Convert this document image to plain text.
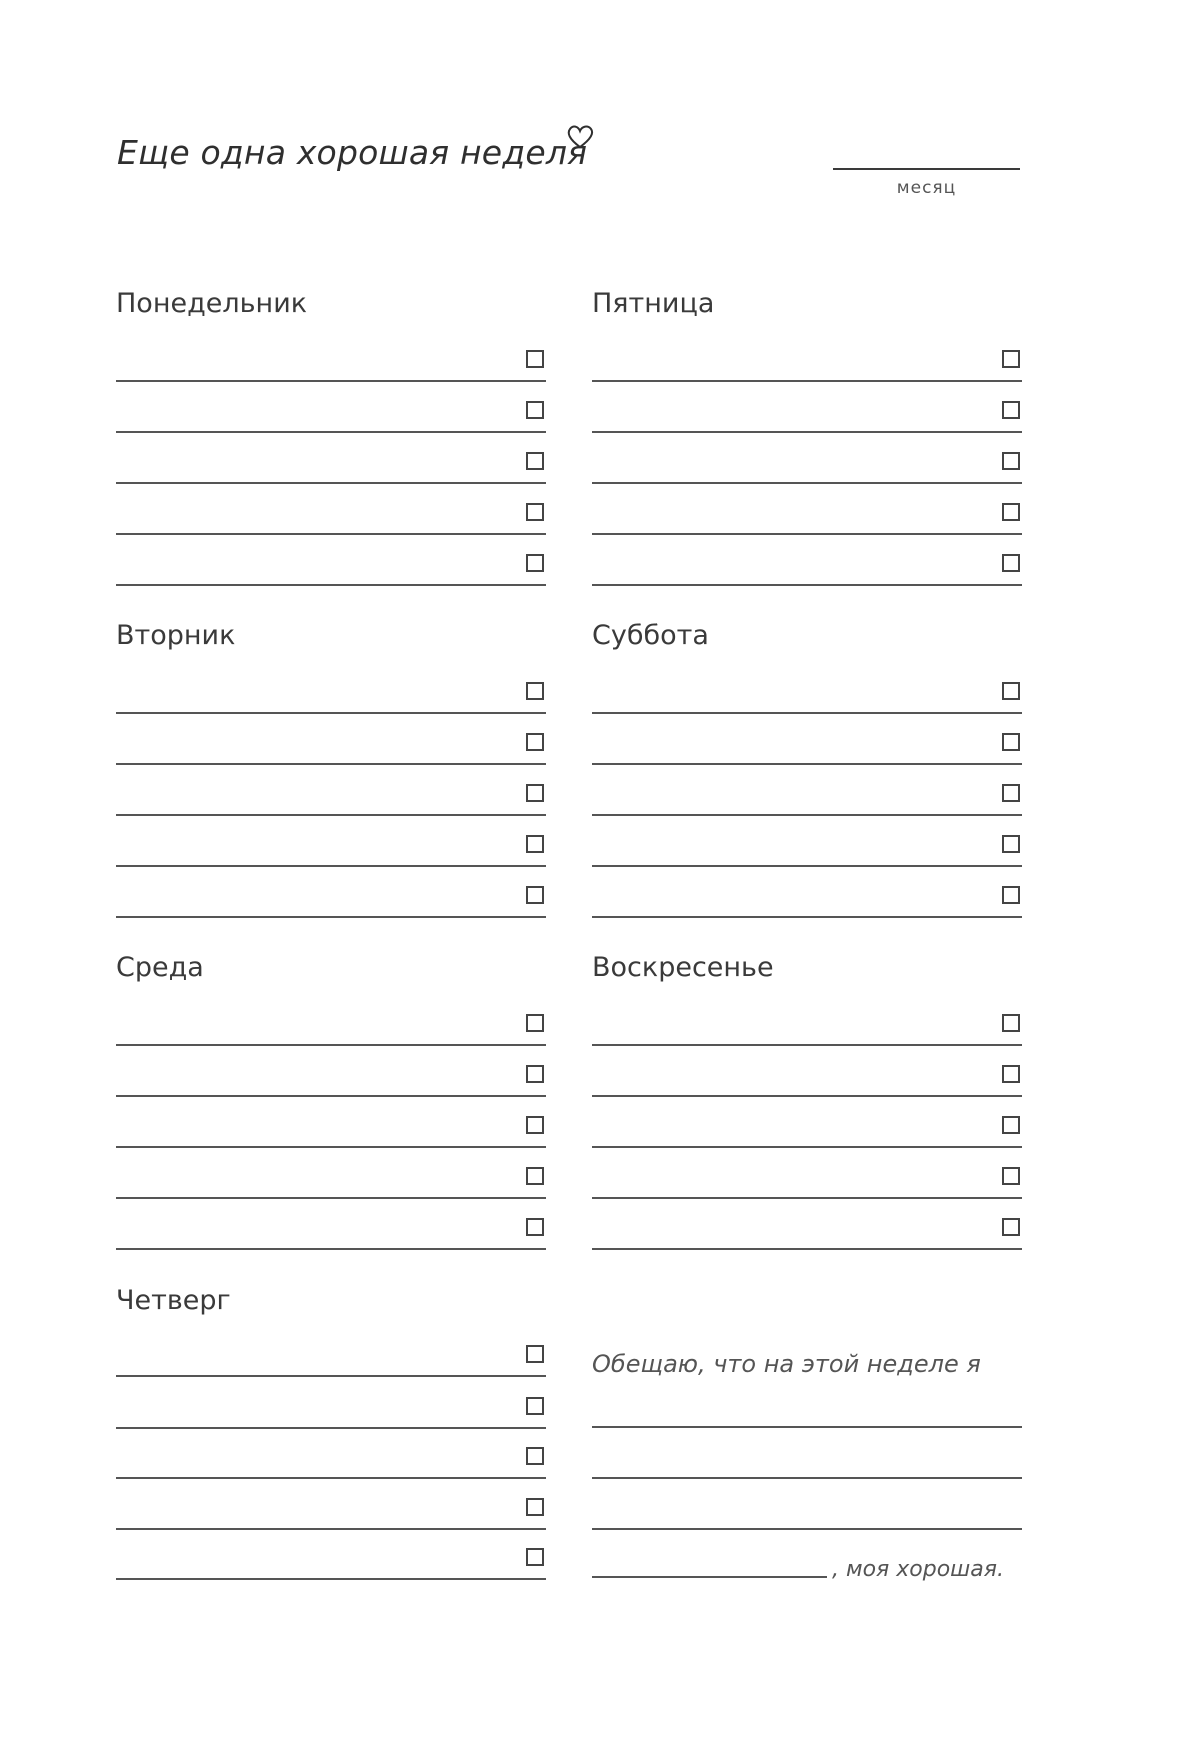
Еще одна хорошая неделя
месяц
Понедельник
Вторник
Среда
Четверг
Пятница
Суббота
Воскресенье
Обещаю, что на этой неделе я
, моя хорошая.
